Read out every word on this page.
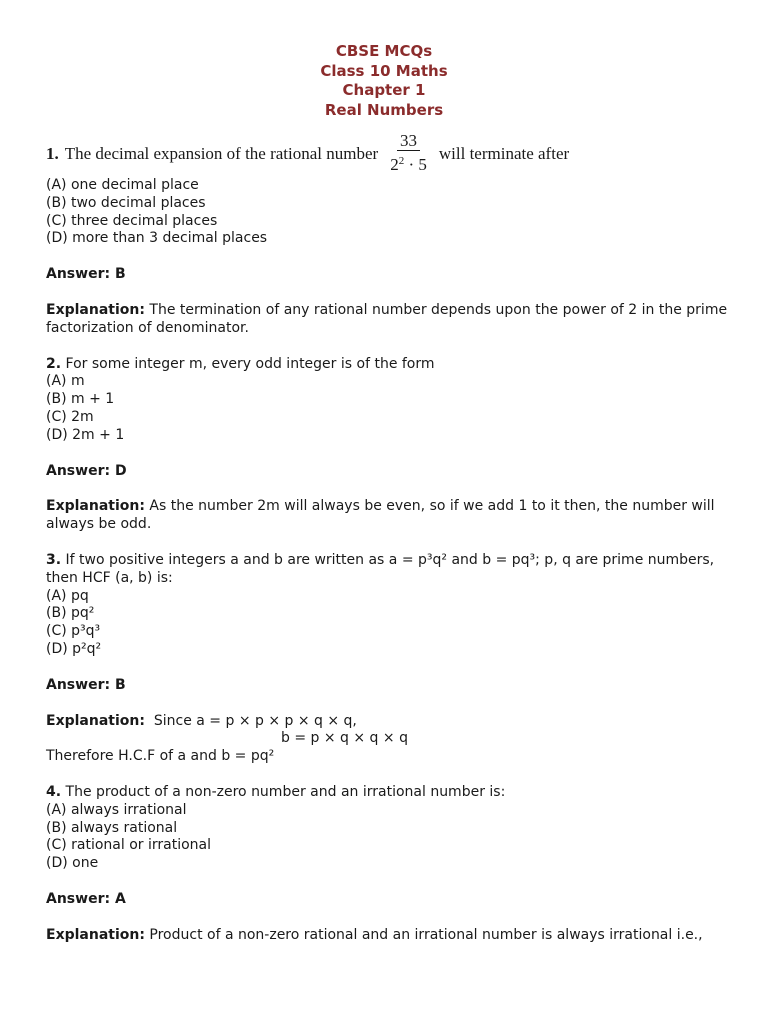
CBSE MCQs
Class 10 Maths
Chapter 1
Real Numbers
1. The decimal expansion of the rational number $\frac{33}{2^2 \cdot 5}$ will terminate after
(A) one decimal place
(B) two decimal places
(C) three decimal places
(D) more than 3 decimal places
Answer: B
Explanation: The termination of any rational number depends upon the power of 2 in the prime factorization of denominator.
2. For some integer m, every odd integer is of the form
(A) m
(B) m + 1
(C) 2m
(D) 2m + 1
Answer: D
Explanation: As the number 2m will always be even, so if we add 1 to it then, the number will always be odd.
3. If two positive integers a and b are written as a = p³q² and b = pq³; p, q are prime numbers, then HCF (a, b) is:
(A) pq
(B) pq²
(C) p³q³
(D) p²q²
Answer: B
Explanation: Since a = p × p × p × q × q,
b = p × q × q × q
Therefore H.C.F of a and b = pq²
4. The product of a non-zero number and an irrational number is:
(A) always irrational
(B) always rational
(C) rational or irrational
(D) one
Answer: A
Explanation: Product of a non-zero rational and an irrational number is always irrational i.e.,
